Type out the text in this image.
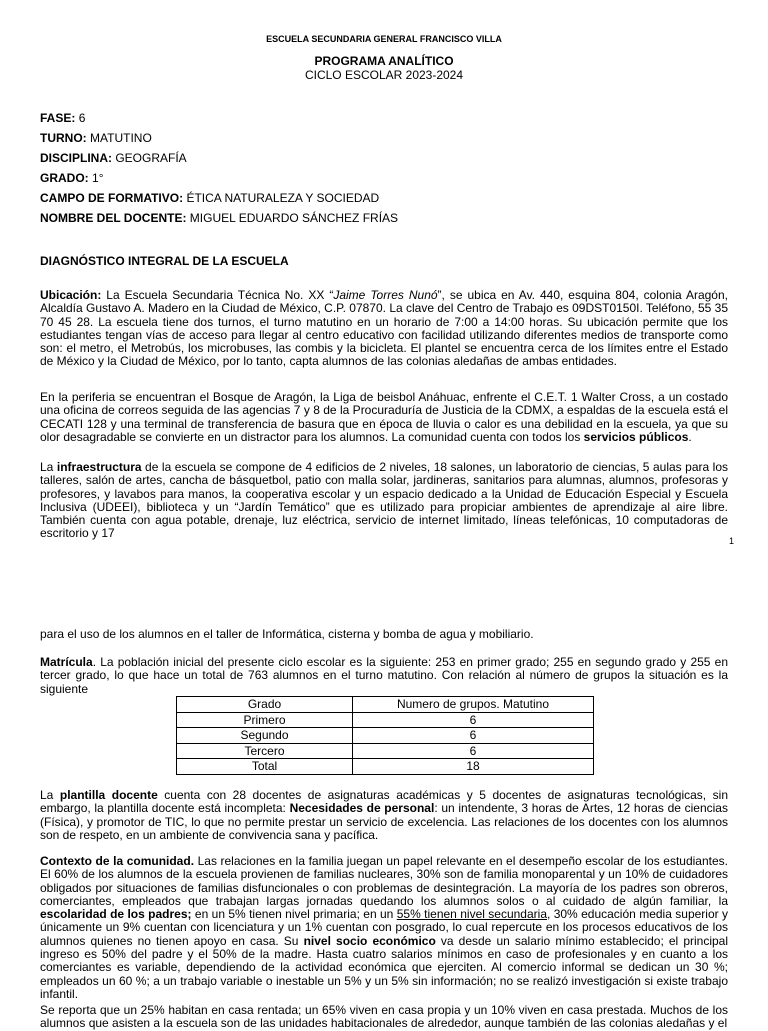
ESCUELA SECUNDARIA GENERAL FRANCISCO VILLA
PROGRAMA ANALÍTICO
CICLO ESCOLAR 2023-2024
FASE: 6
TURNO: MATUTINO
DISCIPLINA: GEOGRAFÍA
GRADO: 1°
CAMPO DE FORMATIVO: ÉTICA NATURALEZA Y SOCIEDAD
NOMBRE DEL DOCENTE: MIGUEL EDUARDO SÁNCHEZ FRÍAS
DIAGNÓSTICO INTEGRAL DE LA ESCUELA
Ubicación: La Escuela Secundaria Técnica No. XX “Jaime Torres Nunó”, se ubica en Av. 440, esquina 804, colonia Aragón, Alcaldía Gustavo A. Madero en la Ciudad de México, C.P. 07870. La clave del Centro de Trabajo es 09DST0150I. Teléfono, 55 35 70 45 28. La escuela tiene dos turnos, el turno matutino en un horario de 7:00 a 14:00 horas. Su ubicación permite que los estudiantes tengan vías de acceso para llegar al centro educativo con facilidad utilizando diferentes medios de transporte como son: el metro, el Metrobús, los microbuses, las combis y la bicicleta. El plantel se encuentra cerca de los límites entre el Estado de México y la Ciudad de México, por lo tanto, capta alumnos de las colonias aledañas de ambas entidades.
En la periferia se encuentran el Bosque de Aragón, la Liga de beisbol Anáhuac, enfrente el C.E.T. 1 Walter Cross, a un costado una oficina de correos seguida de las agencias 7 y 8 de la Procuraduría de Justicia de la CDMX, a espaldas de la escuela está el CECATI 128 y una terminal de transferencia de basura que en época de lluvia o calor es una debilidad en la escuela, ya que su olor desagradable se convierte en un distractor para los alumnos. La comunidad cuenta con todos los servicios públicos.
La infraestructura de la escuela se compone de 4 edificios de 2 niveles, 18 salones, un laboratorio de ciencias, 5 aulas para los talleres, salón de artes, cancha de básquetbol, patio con malla solar, jardineras, sanitarios para alumnas, alumnos, profesoras y profesores, y lavabos para manos, la cooperativa escolar y un espacio dedicado a la Unidad de Educación Especial y Escuela Inclusiva (UDEEI), biblioteca y un “Jardín Temático” que es utilizado para propiciar ambientes de aprendizaje al aire libre. También cuenta con agua potable, drenaje, luz eléctrica, servicio de internet limitado, líneas telefónicas, 10 computadoras de escritorio y 17
1
para el uso de los alumnos en el taller de Informática, cisterna y bomba de agua y mobiliario.
Matrícula. La población inicial del presente ciclo escolar es la siguiente: 253 en primer grado; 255 en segundo grado y 255 en tercer grado, lo que hace un total de 763 alumnos en el turno matutino. Con relación al número de grupos la situación es la siguiente
Grado	Numero de grupos. Matutino
Primero	6
Segundo	6
Tercero	6
Total	18
La plantilla docente cuenta con 28 docentes de asignaturas académicas y 5 docentes de asignaturas tecnológicas, sin embargo, la plantilla docente está incompleta: Necesidades de personal: un intendente, 3 horas de Artes, 12 horas de ciencias (Física), y promotor de TIC, lo que no permite prestar un servicio de excelencia. Las relaciones de los docentes con los alumnos son de respeto, en un ambiente de convivencia sana y pacífica.
Contexto de la comunidad. Las relaciones en la familia juegan un papel relevante en el desempeño escolar de los estudiantes. El 60% de los alumnos de la escuela provienen de familias nucleares, 30% son de familia monoparental y un 10% de cuidadores obligados por situaciones de familias disfuncionales o con problemas de desintegración. La mayoría de los padres son obreros, comerciantes, empleados que trabajan largas jornadas quedando los alumnos solos o al cuidado de algún familiar, la escolaridad de los padres; en un 5% tienen nivel primaria; en un 55% tienen nivel secundaria, 30% educación media superior y únicamente un 9% cuentan con licenciatura y un 1% cuentan con posgrado, lo cual repercute en los procesos educativos de los alumnos quienes no tienen apoyo en casa. Su nivel socio económico va desde un salario mínimo establecido; el principal ingreso es 50% del padre y el 50% de la madre. Hasta cuatro salarios mínimos en caso de profesionales y en cuanto a los comerciantes es variable, dependiendo de la actividad económica que ejerciten. Al comercio informal se dedican un 30 %; empleados un 60 %; a un trabajo variable o inestable un 5% y un 5% sin información; no se realizó investigación si existe trabajo infantil.
Se reporta que un 25% habitan en casa rentada; un 65% viven en casa propia y un 10% viven en casa prestada. Muchos de los alumnos que asisten a la escuela son de las unidades habitacionales de alrededor, aunque también de las colonias aledañas y el
